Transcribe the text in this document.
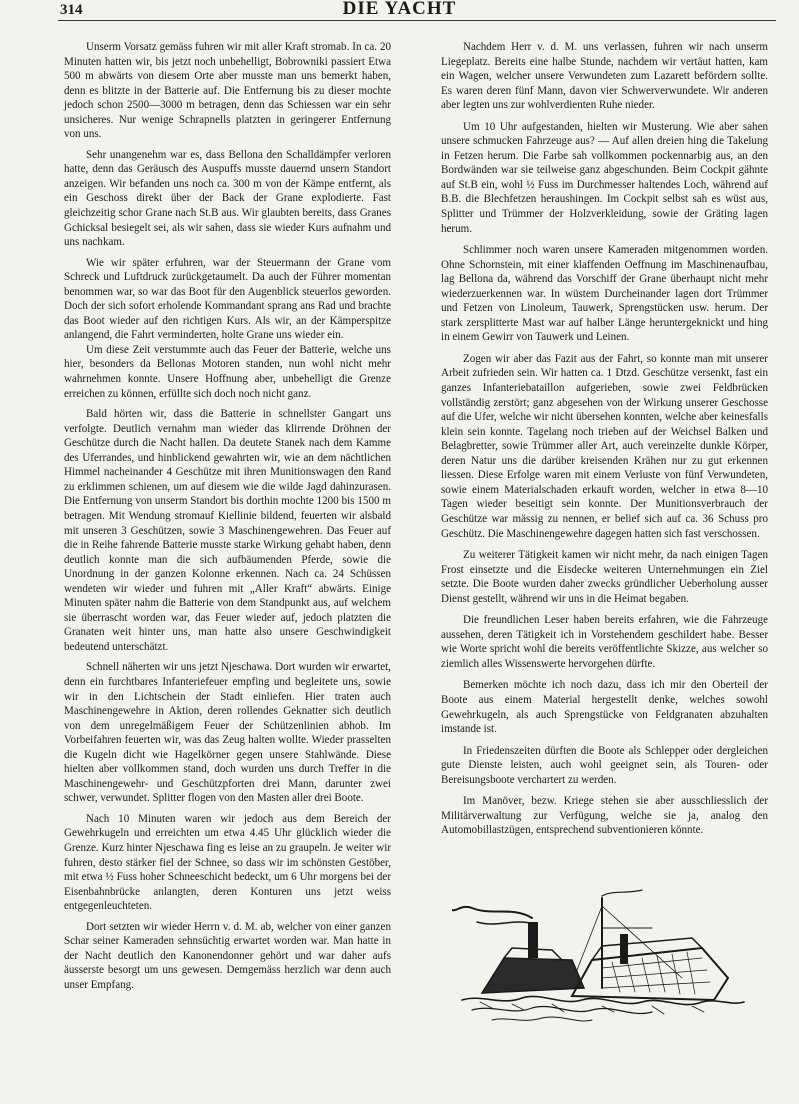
314	DIE YACHT

Unserm Vorsatz gemäss fuhren wir mit aller Kraft stromab. In ca. 20 Minuten hatten wir, bis jetzt noch unbehelligt, Bobrowniki passiert Etwa 500 m abwärts von diesem Orte aber musste man uns bemerkt haben, denn es blitzte in der Batterie auf. Die Entfernung bis zu dieser mochte jedoch schon 2500—3000 m betragen, denn das Schiessen war ein sehr unsicheres. Nur wenige Schrapnells platzten in geringerer Entfernung von uns.

Sehr unangenehm war es, dass Bellona den Schalldämpfer verloren hatte, denn das Geräusch des Auspuffs musste dauernd unsern Standort anzeigen. Wir befanden uns noch ca. 300 m von der Kämpe entfernt, als ein Geschoss direkt über der Back der Grane explodierte. Fast gleichzeitig schor Grane nach St.B aus. Wir glaubten bereits, dass Granes Gchicksal besiegelt sei, als wir sahen, dass sie wieder Kurs aufnahm und uns nachkam.

Wie wir später erfuhren, war der Steuermann der Grane vom Schreck und Luftdruck zurückgetaumelt. Da auch der Führer momentan benommen war, so war das Boot für den Augenblick steuerlos geworden. Doch der sich sofort erholende Kommandant sprang ans Rad und brachte das Boot wieder auf den richtigen Kurs. Als wir, an der Kämperspitze anlangend, die Fahrt verminderten, holte Grane uns wieder ein.

Um diese Zeit verstummte auch das Feuer der Batterie, welche uns hier, besonders da Bellonas Motoren standen, nun wohl nicht mehr wahrnehmen konnte. Unsere Hoffnung aber, unbehelligt die Grenze erreichen zu können, erfüllte sich doch noch nicht ganz.

Bald hörten wir, dass die Batterie in schnellster Gangart uns verfolgte. Deutlich vernahm man wieder das klirrende Dröhnen der Geschütze durch die Nacht hallen. Da deutete Stanek nach dem Kamme des Uferrandes, und hinblickend gewahrten wir, wie an dem nächtlichen Himmel nacheinander 4 Geschütze mit ihren Munitionswagen den Rand zu erklimmen schienen, um auf diesem wie die wilde Jagd dahinzurasen. Die Entfernung von unserm Standort bis dorthin mochte 1200 bis 1500 m betragen. Mit Wendung stromauf Kiellinie bildend, feuerten wir alsbald mit unseren 3 Geschützen, sowie 3 Maschinengewehren. Das Feuer auf die in Reihe fahrende Batterie musste starke Wirkung gehabt haben, denn deutlich konnte man die sich aufbäumenden Pferde, sowie die Unordnung in der ganzen Kolonne erkennen. Nach ca. 24 Schüssen wendeten wir wieder und fuhren mit „Aller Kraft“ abwärts. Einige Minuten später nahm die Batterie von dem Standpunkt aus, auf welchem sie überrascht worden war, das Feuer wieder auf, jedoch platzten die Granaten weit hinter uns, man hatte also unsere Geschwindigkeit bedeutend unterschätzt.

Schnell näherten wir uns jetzt Njeschawa. Dort wurden wir erwartet, denn ein furchtbares Infanteriefeuer empfing und begleitete uns, sowie wir in den Lichtschein der Stadt einliefen. Hier traten auch Maschinengewehre in Aktion, deren rollendes Geknatter sich deutlich von dem unregelmäßigem Feuer der Schützenlinien abhob. Im Vorbeifahren feuerten wir, was das Zeug halten wollte. Wieder prasselten die Kugeln dicht wie Hagelkörner gegen unsere Stahlwände. Diese hielten aber vollkommen stand, doch wurden uns durch Treffer in die Maschinengewehr- und Geschützpforten drei Mann, darunter zwei schwer, verwundet. Splitter flogen von den Masten aller drei Boote.

Nach 10 Minuten waren wir jedoch aus dem Bereich der Gewehrkugeln und erreichten um etwa 4.45 Uhr glücklich wieder die Grenze. Kurz hinter Njeschawa fing es leise an zu graupeln. Je weiter wir fuhren, desto stärker fiel der Schnee, so dass wir im schönsten Gestöber, mit etwa ½ Fuss hoher Schneeschicht bedeckt, um 6 Uhr morgens bei der Eisenbahnbrücke anlangten, deren Konturen uns jetzt weiss entgegenleuchteten.

Dort setzten wir wieder Herrn v. d. M. ab, welcher von einer ganzen Schar seiner Kameraden sehnsüchtig erwartet worden war. Man hatte in der Nacht deutlich den Kanonendonner gehört und war daher aufs äusserste besorgt um uns gewesen. Demgemäss herzlich war denn auch unser Empfang.

Nachdem Herr v. d. M. uns verlassen, fuhren wir nach unserm Liegeplatz. Bereits eine halbe Stunde, nachdem wir vertäut hatten, kam ein Wagen, welcher unsere Verwundeten zum Lazarett befördern sollte. Es waren deren fünf Mann, davon vier Schwerverwundete. Wir anderen aber legten uns zur wohlverdienten Ruhe nieder.

Um 10 Uhr aufgestanden, hielten wir Musterung. Wie aber sahen unsere schmucken Fahrzeuge aus? — Auf allen dreien hing die Takelung in Fetzen herum. Die Farbe sah vollkommen pockennarbig aus, an den Bordwänden war sie teilweise ganz abgeschunden. Beim Cockpit gähnte auf St.B ein, wohl ½ Fuss im Durchmesser haltendes Loch, während auf B.B. die Blechfetzen heraushingen. Im Cockpit selbst sah es wüst aus, Splitter und Trümmer der Holzverkleidung, sowie der Gräting lagen herum.

Schlimmer noch waren unsere Kameraden mitgenommen worden. Ohne Schornstein, mit einer klaffenden Oeffnung im Maschinenaufbau, lag Bellona da, während das Vorschiff der Grane überhaupt nicht mehr wiederzuerkennen war. In wüstem Durcheinander lagen dort Trümmer und Fetzen von Linoleum, Tauwerk, Sprengstücken usw. herum. Der stark zersplitterte Mast war auf halber Länge heruntergeknickt und hing in einem Gewirr von Tauwerk und Leinen.

Zogen wir aber das Fazit aus der Fahrt, so konnte man mit unserer Arbeit zufrieden sein. Wir hatten ca. 1 Dtzd. Geschütze versenkt, fast ein ganzes Infanteriebataillon aufgerieben, sowie zwei Feldbrücken vollständig zerstört; ganz abgesehen von der Wirkung unserer Geschosse auf die Ufer, welche wir nicht übersehen konnten, welche aber keinesfalls klein sein konnte. Tagelang noch trieben auf der Weichsel Balken und Belagbretter, sowie Trümmer aller Art, auch vereinzelte dunkle Körper, deren Natur uns die darüber kreisenden Krähen nur zu gut erkennen liessen. Diese Erfolge waren mit einem Verluste von fünf Verwundeten, sowie einem Materialschaden erkauft worden, welcher in etwa 8—10 Tagen wieder beseitigt sein konnte. Der Munitionsverbrauch der Geschütze war mässig zu nennen, er belief sich auf ca. 36 Schuss pro Geschütz. Die Maschinengewehre dagegen hatten sich fast verschossen.

Zu weiterer Tätigkeit kamen wir nicht mehr, da nach einigen Tagen Frost einsetzte und die Eisdecke weiteren Unternehmungen ein Ziel setzte. Die Boote wurden daher zwecks gründlicher Ueberholung ausser Dienst gestellt, während wir uns in die Heimat begaben.

Die freundlichen Leser haben bereits erfahren, wie die Fahrzeuge aussehen, deren Tätigkeit ich in Vorstehendem geschildert habe. Besser wie Worte spricht wohl die bereits veröffentlichte Skizze, aus welcher so ziemlich alles Wissenswerte hervorgehen dürfte.

Bemerken möchte ich noch dazu, dass ich mir den Oberteil der Boote aus einem Material hergestellt denke, welches sowohl Gewehrkugeln, als auch Sprengstücke von Feldgranaten abzuhalten imstande ist.

In Friedenszeiten dürften die Boote als Schlepper oder dergleichen gute Dienste leisten, auch wohl geeignet sein, als Touren- oder Bereisungsboote verchartert zu werden.

Im Manöver, bezw. Kriege stehen sie aber ausschliesslich der Militärverwaltung zur Verfügung, welche sie ja, analog den Automobillastzügen, entsprechend subventionieren könnte.
